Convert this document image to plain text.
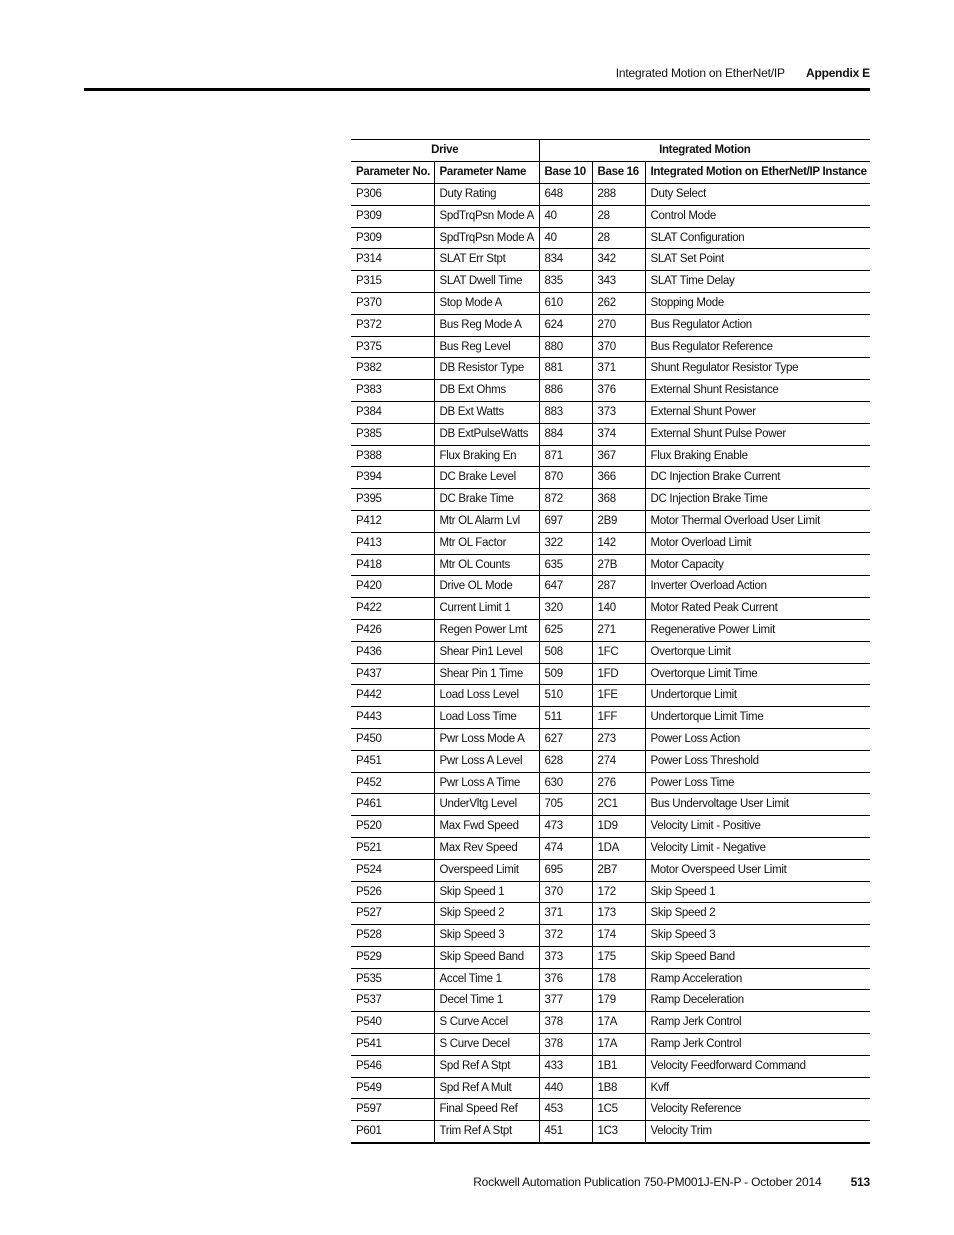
Integrated Motion on EtherNet/IP Appendix E
Drive		Integrated Motion		
Parameter No.	Parameter Name	Base 10	Base 16	Integrated Motion on EtherNet/IP Instance
P306	Duty Rating	648	288	Duty Select
P309	SpdTrqPsn Mode A	40	28	Control Mode
P309	SpdTrqPsn Mode A	40	28	SLAT Configuration
P314	SLAT Err Stpt	834	342	SLAT Set Point
P315	SLAT Dwell Time	835	343	SLAT Time Delay
P370	Stop Mode A	610	262	Stopping Mode
P372	Bus Reg Mode A	624	270	Bus Regulator Action
P375	Bus Reg Level	880	370	Bus Regulator Reference
P382	DB Resistor Type	881	371	Shunt Regulator Resistor Type
P383	DB Ext Ohms	886	376	External Shunt Resistance
P384	DB Ext Watts	883	373	External Shunt Power
P385	DB ExtPulseWatts	884	374	External Shunt Pulse Power
P388	Flux Braking En	871	367	Flux Braking Enable
P394	DC Brake Level	870	366	DC Injection Brake Current
P395	DC Brake Time	872	368	DC Injection Brake Time
P412	Mtr OL Alarm Lvl	697	2B9	Motor Thermal Overload User Limit
P413	Mtr OL Factor	322	142	Motor Overload Limit
P418	Mtr OL Counts	635	27B	Motor Capacity
P420	Drive OL Mode	647	287	Inverter Overload Action
P422	Current Limit 1	320	140	Motor Rated Peak Current
P426	Regen Power Lmt	625	271	Regenerative Power Limit
P436	Shear Pin1 Level	508	1FC	Overtorque Limit
P437	Shear Pin 1 Time	509	1FD	Overtorque Limit Time
P442	Load Loss Level	510	1FE	Undertorque Limit
P443	Load Loss Time	511	1FF	Undertorque Limit Time
P450	Pwr Loss Mode A	627	273	Power Loss Action
P451	Pwr Loss A Level	628	274	Power Loss Threshold
P452	Pwr Loss A Time	630	276	Power Loss Time
P461	UnderVltg Level	705	2C1	Bus Undervoltage User Limit
P520	Max Fwd Speed	473	1D9	Velocity Limit - Positive
P521	Max Rev Speed	474	1DA	Velocity Limit - Negative
P524	Overspeed Limit	695	2B7	Motor Overspeed User Limit
P526	Skip Speed 1	370	172	Skip Speed 1
P527	Skip Speed 2	371	173	Skip Speed 2
P528	Skip Speed 3	372	174	Skip Speed 3
P529	Skip Speed Band	373	175	Skip Speed Band
P535	Accel Time 1	376	178	Ramp Acceleration
P537	Decel Time 1	377	179	Ramp Deceleration
P540	S Curve Accel	378	17A	Ramp Jerk Control
P541	S Curve Decel	378	17A	Ramp Jerk Control
P546	Spd Ref A Stpt	433	1B1	Velocity Feedforward Command
P549	Spd Ref A Mult	440	1B8	Kvff
P597	Final Speed Ref	453	1C5	Velocity Reference
P601	Trim Ref A Stpt	451	1C3	Velocity Trim
Rockwell Automation Publication 750-PM001J-EN-P - October 2014 513
